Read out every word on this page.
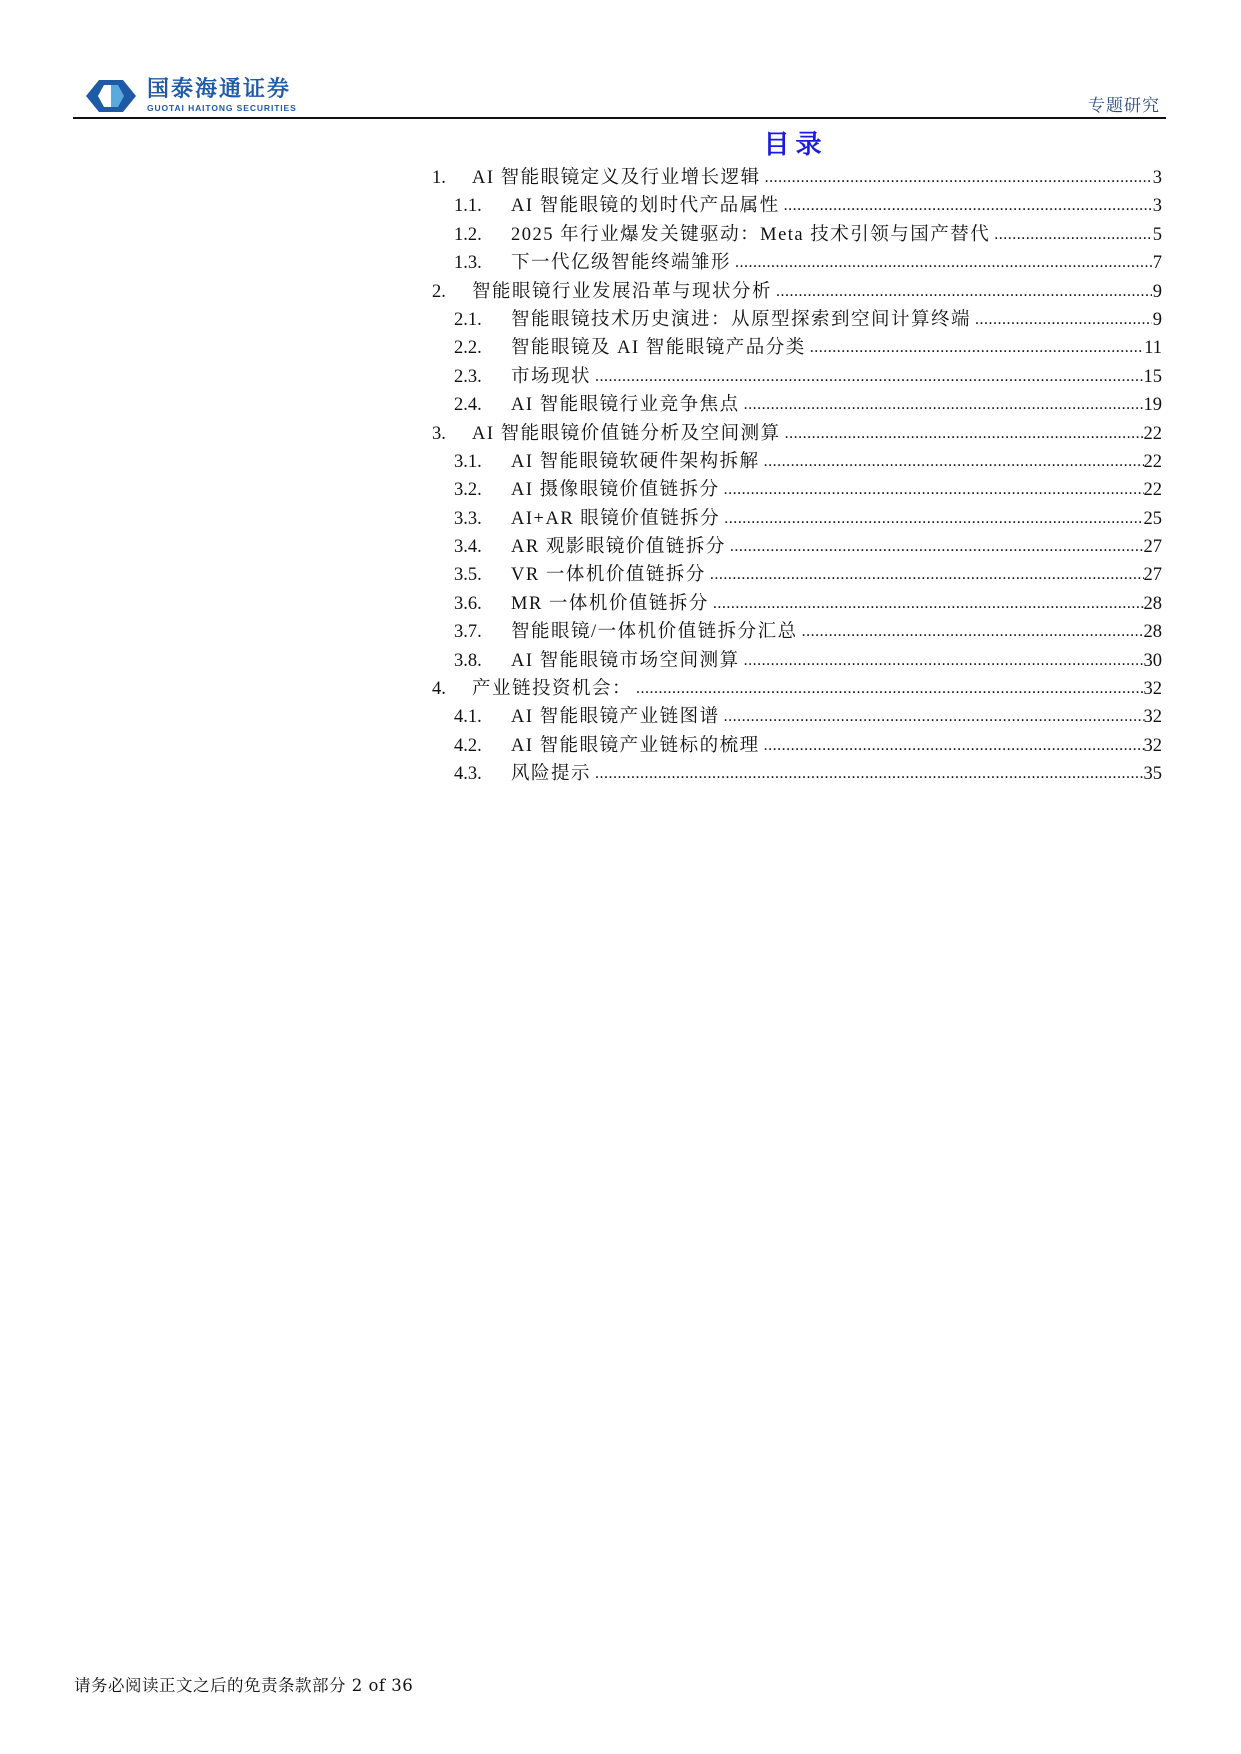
国泰海通证券
GUOTAI HAITONG SECURITIES	专题研究
目录
1.	AI 智能眼镜定义及行业增长逻辑 .....	3
1.1.	AI 智能眼镜的划时代产品属性 .....	3
1.2.	2025 年行业爆发关键驱动：Meta 技术引领与国产替代 .....	5
1.3.	下一代亿级智能终端雏形 .....	7
2.	智能眼镜行业发展沿革与现状分析 .....	9
2.1.	智能眼镜技术历史演进：从原型探索到空间计算终端 .....	9
2.2.	智能眼镜及 AI 智能眼镜产品分类 .....	11
2.3.	市场现状 .....	15
2.4.	AI 智能眼镜行业竞争焦点 .....	19
3.	AI 智能眼镜价值链分析及空间测算 .....	22
3.1.	AI 智能眼镜软硬件架构拆解 .....	22
3.2.	AI 摄像眼镜价值链拆分 .....	22
3.3.	AI+AR 眼镜价值链拆分 .....	25
3.4.	AR 观影眼镜价值链拆分 .....	27
3.5.	VR 一体机价值链拆分 .....	27
3.6.	MR 一体机价值链拆分 .....	28
3.7.	智能眼镜/一体机价值链拆分汇总 .....	28
3.8.	AI 智能眼镜市场空间测算 .....	30
4.	产业链投资机会： .....	32
4.1.	AI 智能眼镜产业链图谱 .....	32
4.2.	AI 智能眼镜产业链标的梳理 .....	32
4.3.	风险提示 .....	35
请务必阅读正文之后的免责条款部分 2 of 36
